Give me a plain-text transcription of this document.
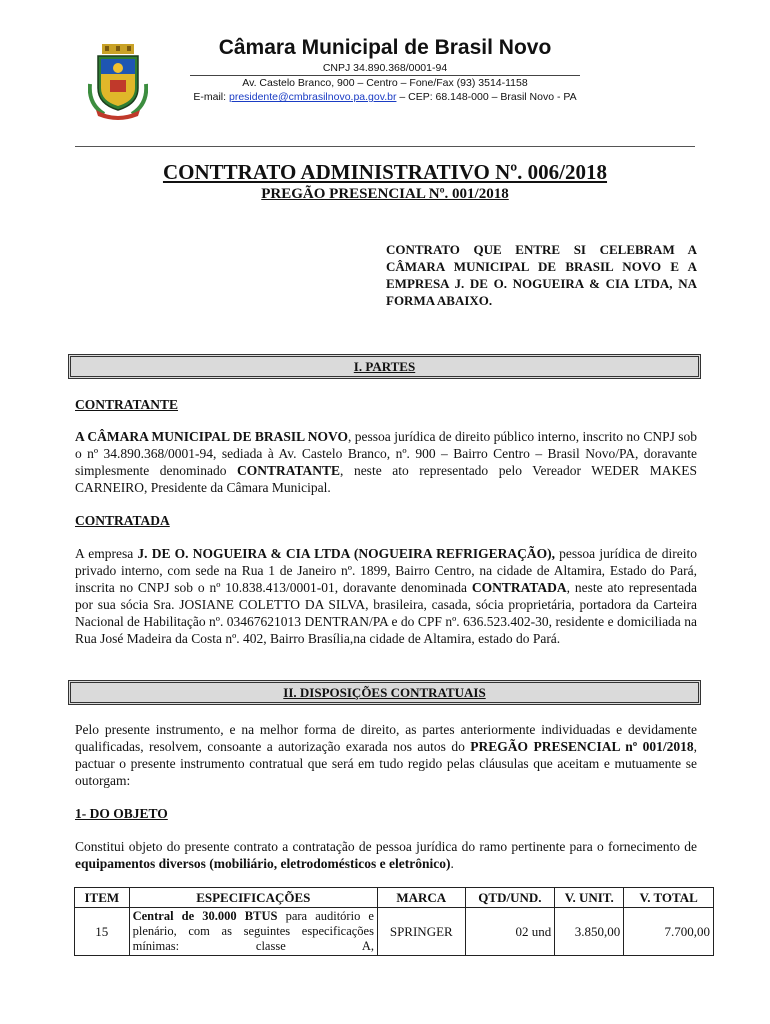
Câmara Municipal de Brasil Novo
CNPJ 34.890.368/0001-94
Av. Castelo Branco, 900 – Centro – Fone/Fax (93) 3514-1158
E-mail: presidente@cmbrasilnovo.pa.gov.br – CEP: 68.148-000 – Brasil Novo - PA
CONTTRATO ADMINISTRATIVO Nº. 006/2018
PREGÃO PRESENCIAL Nº. 001/2018
CONTRATO QUE ENTRE SI CELEBRAM A CÂMARA MUNICIPAL DE BRASIL NOVO E A EMPRESA J. DE O. NOGUEIRA & CIA LTDA, NA FORMA ABAIXO.
I. PARTES
CONTRATANTE
A CÂMARA MUNICIPAL DE BRASIL NOVO, pessoa jurídica de direito público interno, inscrito no CNPJ sob o nº 34.890.368/0001-94, sediada à Av. Castelo Branco, nº. 900 – Bairro Centro – Brasil Novo/PA, doravante simplesmente denominado CONTRATANTE, neste ato representado pelo Vereador WEDER MAKES CARNEIRO, Presidente da Câmara Municipal.
CONTRATADA
A empresa J. DE O. NOGUEIRA & CIA LTDA (NOGUEIRA REFRIGERAÇÃO), pessoa jurídica de direito privado interno, com sede na Rua 1 de Janeiro nº. 1899, Bairro Centro, na cidade de Altamira, Estado do Pará, inscrita no CNPJ sob o nº 10.838.413/0001-01, doravante denominada CONTRATADA, neste ato representada por sua sócia Sra. JOSIANE COLETTO DA SILVA, brasileira, casada, sócia proprietária, portadora da Carteira Nacional de Habilitação nº. 03467621013 DENTRAN/PA e do CPF nº. 636.523.402-30, residente e domiciliada na Rua José Madeira da Costa nº. 402, Bairro Brasília,na cidade de Altamira, estado do Pará.
II. DISPOSIÇÕES CONTRATUAIS
Pelo presente instrumento, e na melhor forma de direito, as partes anteriormente individuadas e devidamente qualificadas, resolvem, consoante a autorização exarada nos autos do PREGÃO PRESENCIAL nº 001/2018, pactuar o presente instrumento contratual que será em tudo regido pelas cláusulas que aceitam e mutuamente se outorgam:
1- DO OBJETO
Constitui objeto do presente contrato a contratação de pessoa jurídica do ramo pertinente para o fornecimento de equipamentos diversos (mobiliário, eletrodomésticos e eletrônico).
ITEM	ESPECIFICAÇÕES	MARCA	QTD/UND.	V. UNIT.	V. TOTAL
15	Central de 30.000 BTUS para auditório e plenário, com as seguintes especificações mínimas: classe A,	SPRINGER	02 und	3.850,00	7.700,00
